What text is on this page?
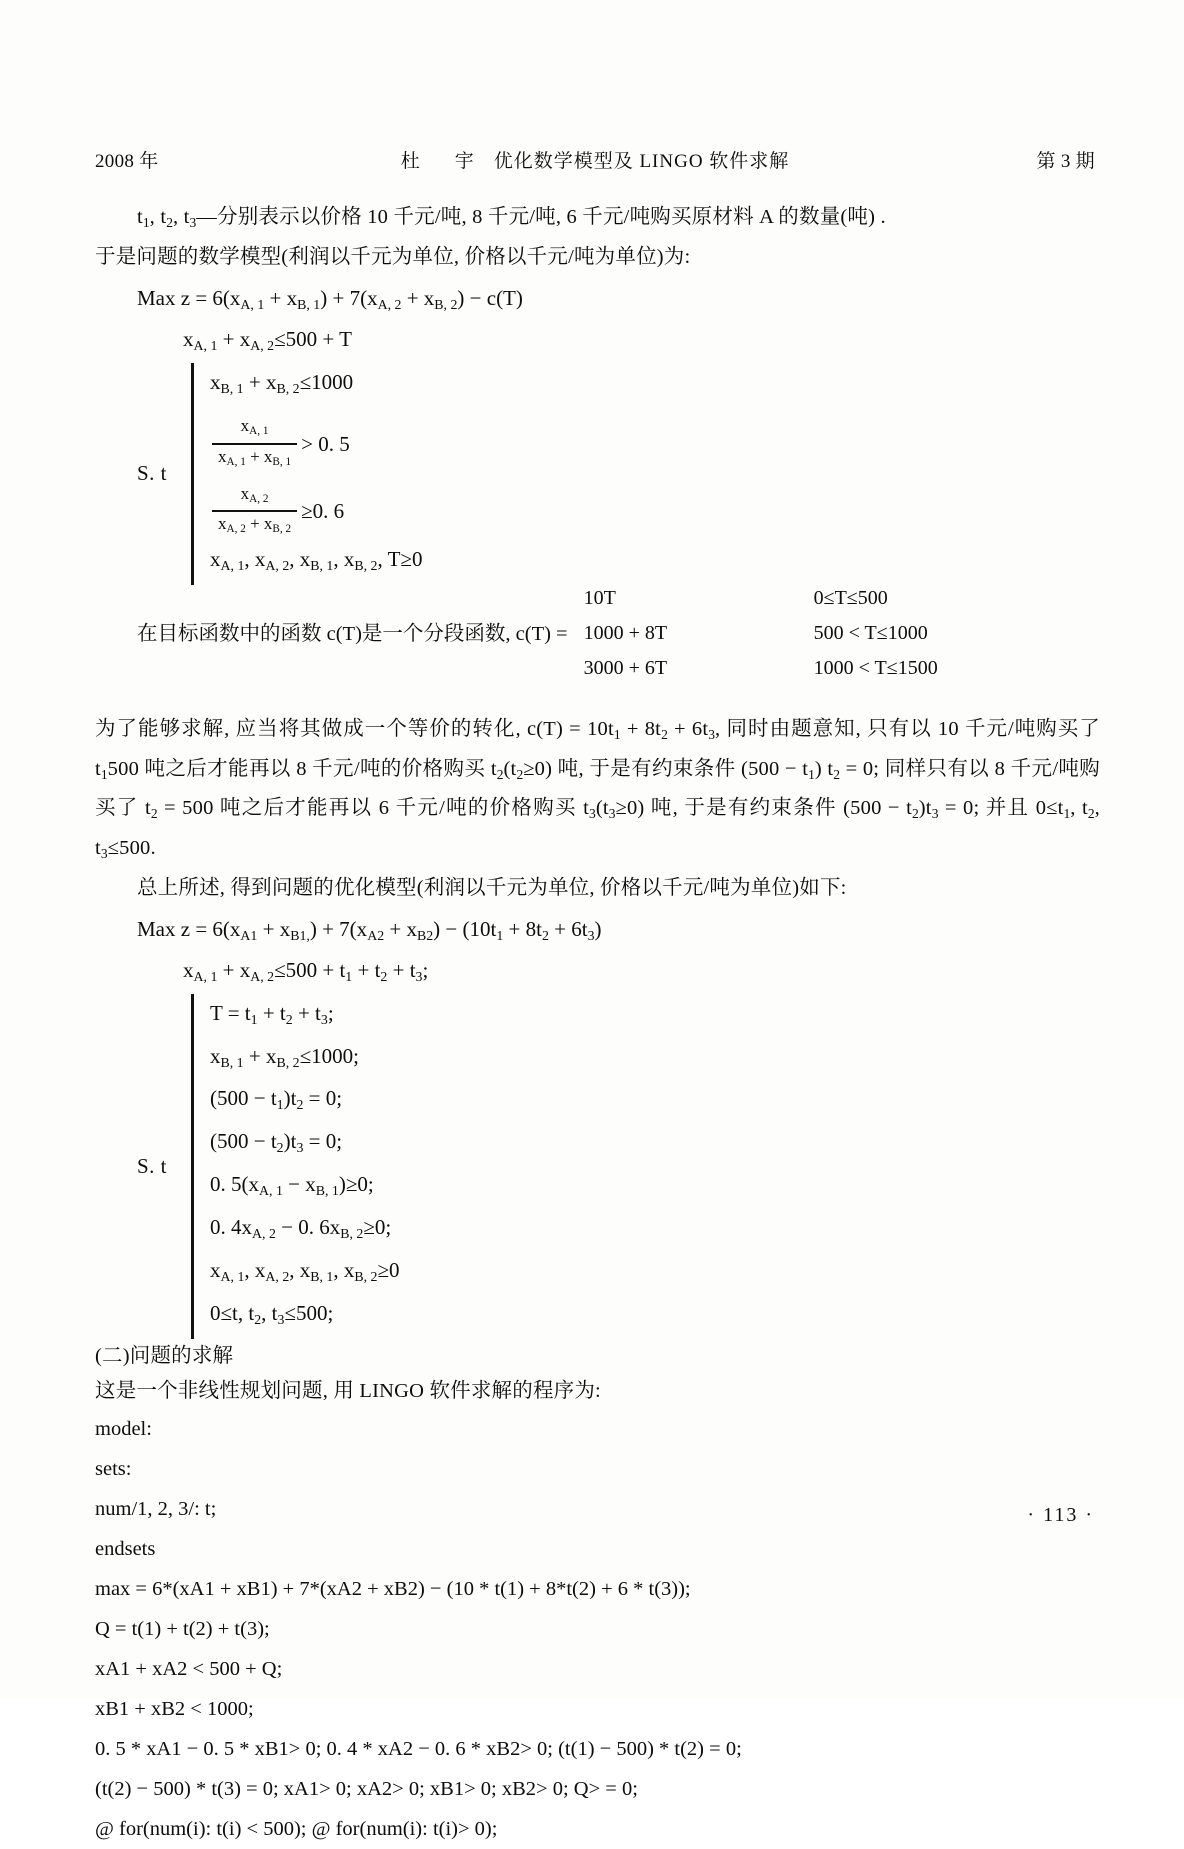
2008 年	杜　宇 优化数学模型及 LINGO 软件求解	第 3 期

$t_1$, $t_2$, $t_3—$分别表示以价格 10 千元/吨, 8 千元/吨, 6 千元/吨购买原材料 A 的数量(吨) .

于是问题的数学模型(利润以千元为单位, 价格以千元/吨为单位)为:

Max $z = 6(x_{A, 1} + x_{B, 1}) + 7(x_{A, 2} + x_{B, 2}) - c(T)$
$x_{A, 1} + x_{A, 2}\le 500 + T$
S. t
$x_{B, 1} + x_{B, 2}\le 1000$
$\frac{x_{A, 1}}{x_{A, 1} + x_{B, 1}} > 0$. 5
$\frac{x_{A, 2}}{x_{A, 2} + x_{B, 2}} \ge 0$. 6
$x_{A, 1}$, $x_{A, 2}$, $x_{B, 1}$, $x_{B, 2}$, T≥0
在目标函数中的函数 c(T)是一个分段函数, c(T) =
10T	0≤T≤500
1000 + 8T	500 < T≤1000
3000 + 6T	1000 < T≤1500

为了能够求解, 应当将其做成一个等价的转化, $c(T) = 10t_1 + 8t_2 + 6t_3$, 同时由题意知, 只有以 10 千元/吨购买了 $t_1500$ 吨之后才能再以 8 千元/吨的价格购买 $t_2(t_2\ge 0)$ 吨, 于是有约束条件 $(500 - t_1)$ $t_2 = 0$; 同样只有以 8 千元/吨购买了 $t_2 = 500$ 吨之后才能再以 6 千元/吨的价格购买 $t_3(t_3\ge 0)$ 吨, 于是有约束条件 $(500 - t_2)t_3 = 0$; 并且 $0\le t_1$, $t_2$, $t_3\le 500$.

总上所述, 得到问题的优化模型(利润以千元为单位, 价格以千元/吨为单位)如下:

Max $z = 6(x_{A1} + x_{B1,}) + 7(x_{A2} + x_{B2}) - (10t_1 + 8t_2 + 6t_3)$
$x_{A, 1} + x_{A, 2}\le 500 + t_1 + t_2 + t_3$;
S. t
$T = t_1 + t_2 + t_3$;
$x_{B, 1} + x_{B, 2}\le 1000$;
$(500 - t_1)t_2 = 0$;
$(500 - t_2)t_3 = 0$;
0. $5(x_{A, 1} - x_{B, 1})\ge 0$;
0. $4x_{A, 2} - 0$. $6x_{B, 2}\ge 0$;
$x_{A, 1}$, $x_{A, 2}$, $x_{B, 1}$, $x_{B, 2}\ge 0$
0≤t, $t_2$, $t_3\le 500$;

(二)问题的求解

这是一个非线性规划问题, 用 LINGO 软件求解的程序为:

model:
sets:
num/1, 2, 3/: t;
endsets
max = 6*(xA1 + xB1) + 7*(xA2 + xB2) − (10 * t(1) + 8*t(2) + 6 * t(3));
Q = t(1) + t(2) + t(3);
xA1 + xA2 < 500 + Q;
xB1 + xB2 < 1000;
0. 5 * xA1 − 0. 5 * xB1> 0; 0. 4 * xA2 − 0. 6 * xB2> 0; (t(1) − 500) * t(2) = 0;
(t(2) − 500) * t(3) = 0; xA1> 0; xA2> 0; xB1> 0; xB2> 0; Q> = 0;
@ for(num(i): t(i) < 500); @ for(num(i): t(i)> 0);
· 113 ·
